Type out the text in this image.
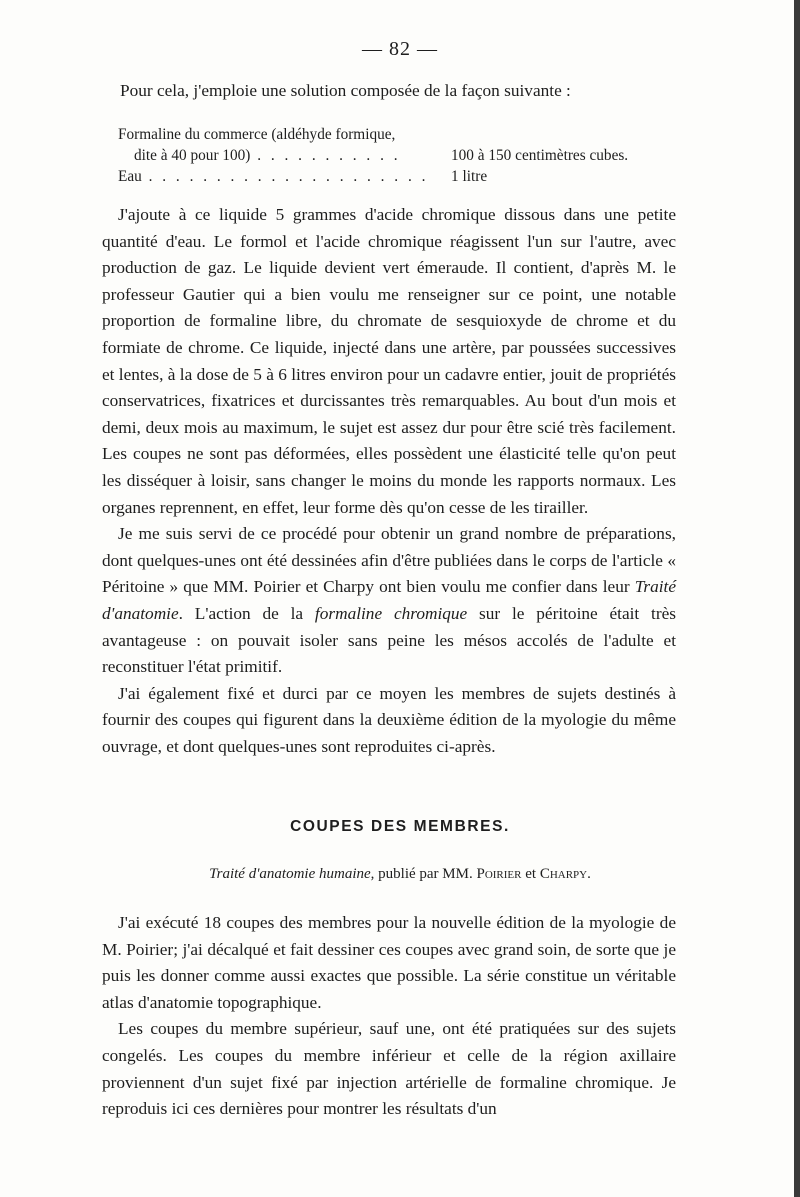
— 82 —
Pour cela, j'emploie une solution composée de la façon suivante :
Formaline du commerce (aldéhyde formique,
dite à 40 pour 100) . . . . . . . . . . .	100 à 150 centimètres cubes.
Eau . . . . . . . . . . . . . . . . . . . . . 1 litre

J'ajoute à ce liquide 5 grammes d'acide chromique dissous dans une petite quantité d'eau. Le formol et l'acide chromique réagissent l'un sur l'autre, avec production de gaz. Le liquide devient vert émeraude. Il contient, d'après M. le professeur Gautier qui a bien voulu me renseigner sur ce point, une notable proportion de formaline libre, du chromate de sesquioxyde de chrome et du formiate de chrome. Ce liquide, injecté dans une artère, par poussées successives et lentes, à la dose de 5 à 6 litres environ pour un cadavre entier, jouit de propriétés conservatrices, fixatrices et durcissantes très remarquables. Au bout d'un mois et demi, deux mois au maximum, le sujet est assez dur pour être scié très facilement. Les coupes ne sont pas déformées, elles possèdent une élasticité telle qu'on peut les disséquer à loisir, sans changer le moins du monde les rapports normaux. Les organes reprennent, en effet, leur forme dès qu'on cesse de les tirailler.

Je me suis servi de ce procédé pour obtenir un grand nombre de préparations, dont quelques-unes ont été dessinées afin d'être publiées dans le corps de l'article « Péritoine » que MM. Poirier et Charpy ont bien voulu me confier dans leur Traité d'anatomie. L'action de la formaline chromique sur le péritoine était très avantageuse : on pouvait isoler sans peine les mésos accolés de l'adulte et reconstituer l'état primitif.

J'ai également fixé et durci par ce moyen les membres de sujets destinés à fournir des coupes qui figurent dans la deuxième édition de la myologie du même ouvrage, et dont quelques-unes sont reproduites ci-après.

COUPES DES MEMBRES.
Traité d'anatomie humaine, publié par MM. Poirier et Charpy.

J'ai exécuté 18 coupes des membres pour la nouvelle édition de la myologie de M. Poirier; j'ai décalqué et fait dessiner ces coupes avec grand soin, de sorte que je puis les donner comme aussi exactes que possible. La série constitue un véritable atlas d'anatomie topographique.

Les coupes du membre supérieur, sauf une, ont été pratiquées sur des sujets congelés. Les coupes du membre inférieur et celle de la région axillaire proviennent d'un sujet fixé par injection artérielle de formaline chromique. Je reproduis ici ces dernières pour montrer les résultats d'un
